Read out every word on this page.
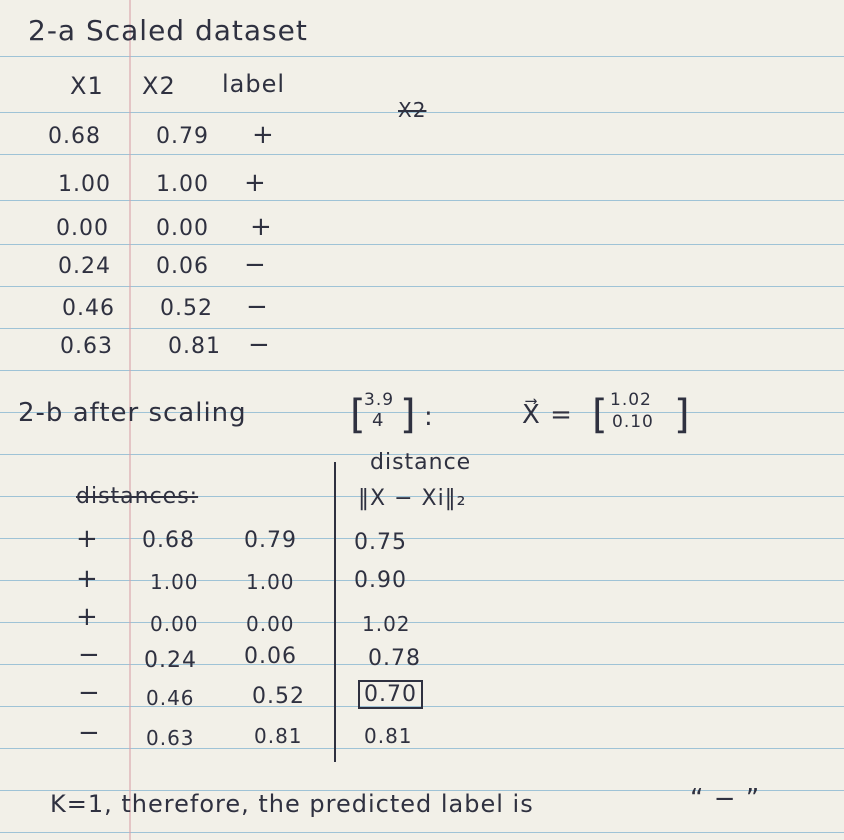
2-a Scaled dataset
X1 X2 label
X2
0.68	0.79 +
1.00 1.00 +
0.00 0.00 +
0.24 0.06 −
0.46 0.52 −
0.63	0.81 −
2-b after scaling	[
3.9
4 ] :	X⃗ = [ 1.02
0.10 ]
distance
distances:	‖X − Xi‖₂
+ 0.68 0.79	0.75
+	1.00 1.00	0.90
+	0.00 0.00	1.02
− 0.24 0.06	0.78
− 0.46	0.52	0.70
− 0.63	0.81	0.81
K=1, therefore, the predicted label is	“ − ”
